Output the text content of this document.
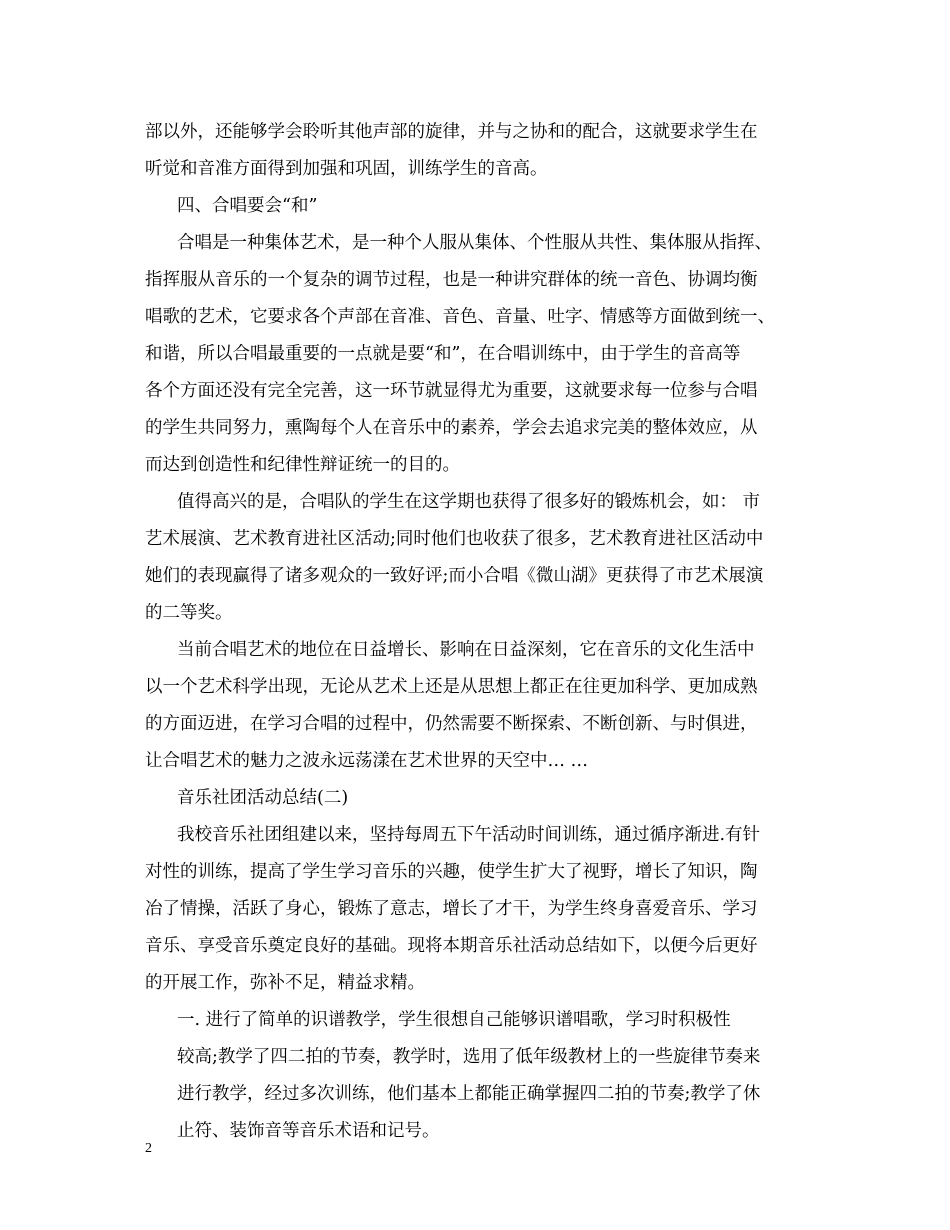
部以外，还能够学会聆听其他声部的旋律，并与之协和的配合，这就要求学生在
听觉和音准方面得到加强和巩固，训练学生的音高。
四、合唱要会“和”
合唱是一种集体艺术，是一种个人服从集体、个性服从共性、集体服从指挥、
指挥服从音乐的一个复杂的调节过程，也是一种讲究群体的统一音色、协调均衡
唱歌的艺术，它要求各个声部在音准、音色、音量、吐字、情感等方面做到统一、
和谐，所以合唱最重要的一点就是要“和”，在合唱训练中，由于学生的音高等
各个方面还没有完全完善，这一环节就显得尤为重要，这就要求每一位参与合唱
的学生共同努力，熏陶每个人在音乐中的素养，学会去追求完美的整体效应，从
而达到创造性和纪律性辩证统一的目的。
值得高兴的是，合唱队的学生在这学期也获得了很多好的锻炼机会，如： 市
艺术展演、艺术教育进社区活动;同时他们也收获了很多，艺术教育进社区活动中
她们的表现赢得了诸多观众的一致好评;而小合唱《微山湖》更获得了市艺术展演
的二等奖。
当前合唱艺术的地位在日益增长、影响在日益深刻，它在音乐的文化生活中
以一个艺术科学出现，无论从艺术上还是从思想上都正在往更加科学、更加成熟
的方面迈进，在学习合唱的过程中，仍然需要不断探索、不断创新、与时俱进，
让合唱艺术的魅力之波永远荡漾在艺术世界的天空中… …
音乐社团活动总结(二)
我校音乐社团组建以来，坚持每周五下午活动时间训练，通过循序渐进.有针
对性的训练，提高了学生学习音乐的兴趣，使学生扩大了视野，增长了知识，陶
冶了情操，活跃了身心，锻炼了意志，增长了才干，为学生终身喜爱音乐、学习
音乐、享受音乐奠定良好的基础。现将本期音乐社活动总结如下，以便今后更好
的开展工作，弥补不足，精益求精。
一. 进行了简单的识谱教学，学生很想自己能够识谱唱歌，学习时积极性
较高;教学了四二拍的节奏，教学时，选用了低年级教材上的一些旋律节奏来
进行教学，经过多次训练，他们基本上都能正确掌握四二拍的节奏;教学了休
止符、装饰音等音乐术语和记号。
2
